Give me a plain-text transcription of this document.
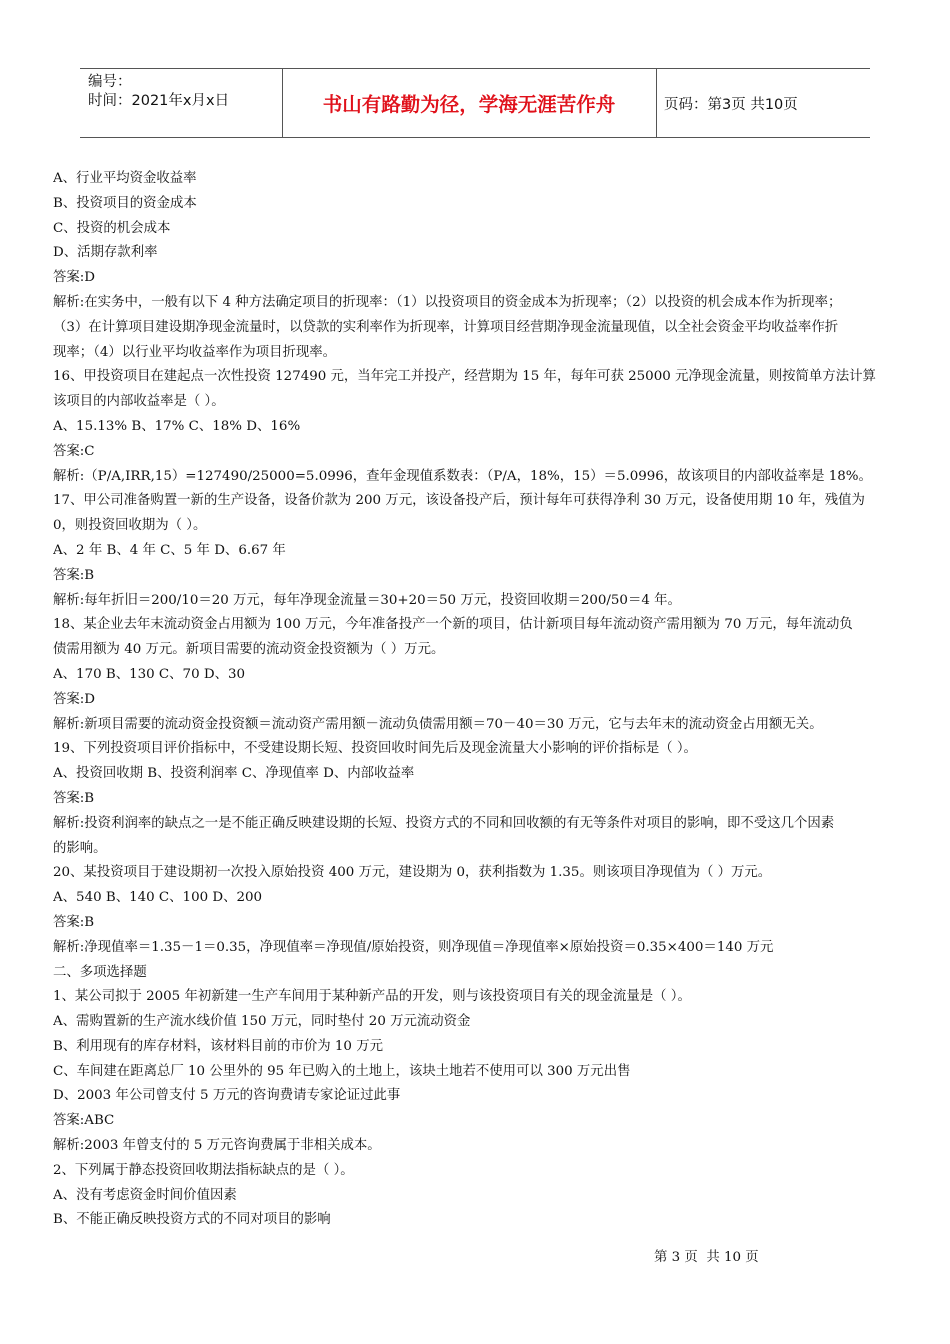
编号：
时间：2021年x月x日	书山有路勤为径，学海无涯苦作舟	页码：第3页 共10页
A、行业平均资金收益率
B、投资项目的资金成本
C、投资的机会成本
D、活期存款利率
答案:D
解析:在实务中，一般有以下 4 种方法确定项目的折现率：（1）以投资项目的资金成本为折现率；（2）以投资的机会成本作为折现率；
（3）在计算项目建设期净现金流量时，以贷款的实利率作为折现率，计算项目经营期净现金流量现值，以全社会资金平均收益率作折
现率；（4）以行业平均收益率作为项目折现率。
16、甲投资项目在建起点一次性投资 127490 元，当年完工并投产，经营期为 15 年，每年可获 25000 元净现金流量，则按简单方法计算
该项目的内部收益率是（ ）。
A、15.13% B、17% C、18% D、16%
答案:C
解析:（P/A,IRR,15）=127490/25000=5.0996，查年金现值系数表：（P/A，18%，15）＝5.0996，故该项目的内部收益率是 18%。
17、甲公司准备购置一新的生产设备，设备价款为 200 万元，该设备投产后，预计每年可获得净利 30 万元，设备使用期 10 年，残值为
0，则投资回收期为（ ）。
A、2 年 B、4 年 C、5 年 D、6.67 年
答案:B
解析:每年折旧＝200/10＝20 万元，每年净现金流量＝30+20＝50 万元，投资回收期＝200/50＝4 年。
18、某企业去年末流动资金占用额为 100 万元，今年准备投产一个新的项目，估计新项目每年流动资产需用额为 70 万元，每年流动负
债需用额为 40 万元。新项目需要的流动资金投资额为（ ）万元。
A、170 B、130 C、70 D、30
答案:D
解析:新项目需要的流动资金投资额＝流动资产需用额－流动负债需用额＝70－40＝30 万元，它与去年末的流动资金占用额无关。
19、下列投资项目评价指标中，不受建设期长短、投资回收时间先后及现金流量大小影响的评价指标是（ ）。
A、投资回收期 B、投资利润率 C、净现值率 D、内部收益率
答案:B
解析:投资利润率的缺点之一是不能正确反映建设期的长短、投资方式的不同和回收额的有无等条件对项目的影响，即不受这几个因素
的影响。
20、某投资项目于建设期初一次投入原始投资 400 万元，建设期为 0，获利指数为 1.35。则该项目净现值为（ ）万元。
A、540 B、140 C、100 D、200
答案:B
解析:净现值率＝1.35－1＝0.35，净现值率＝净现值/原始投资，则净现值＝净现值率×原始投资＝0.35×400＝140 万元
二、多项选择题
1、某公司拟于 2005 年初新建一生产车间用于某种新产品的开发，则与该投资项目有关的现金流量是（ ）。
A、需购置新的生产流水线价值 150 万元，同时垫付 20 万元流动资金
B、利用现有的库存材料，该材料目前的市价为 10 万元
C、车间建在距离总厂 10 公里外的 95 年已购入的土地上，该块土地若不使用可以 300 万元出售
D、2003 年公司曾支付 5 万元的咨询费请专家论证过此事
答案:ABC
解析:2003 年曾支付的 5 万元咨询费属于非相关成本。
2、下列属于静态投资回收期法指标缺点的是（ ）。
A、没有考虑资金时间价值因素
B、不能正确反映投资方式的不同对项目的影响
第 3 页  共 10 页
